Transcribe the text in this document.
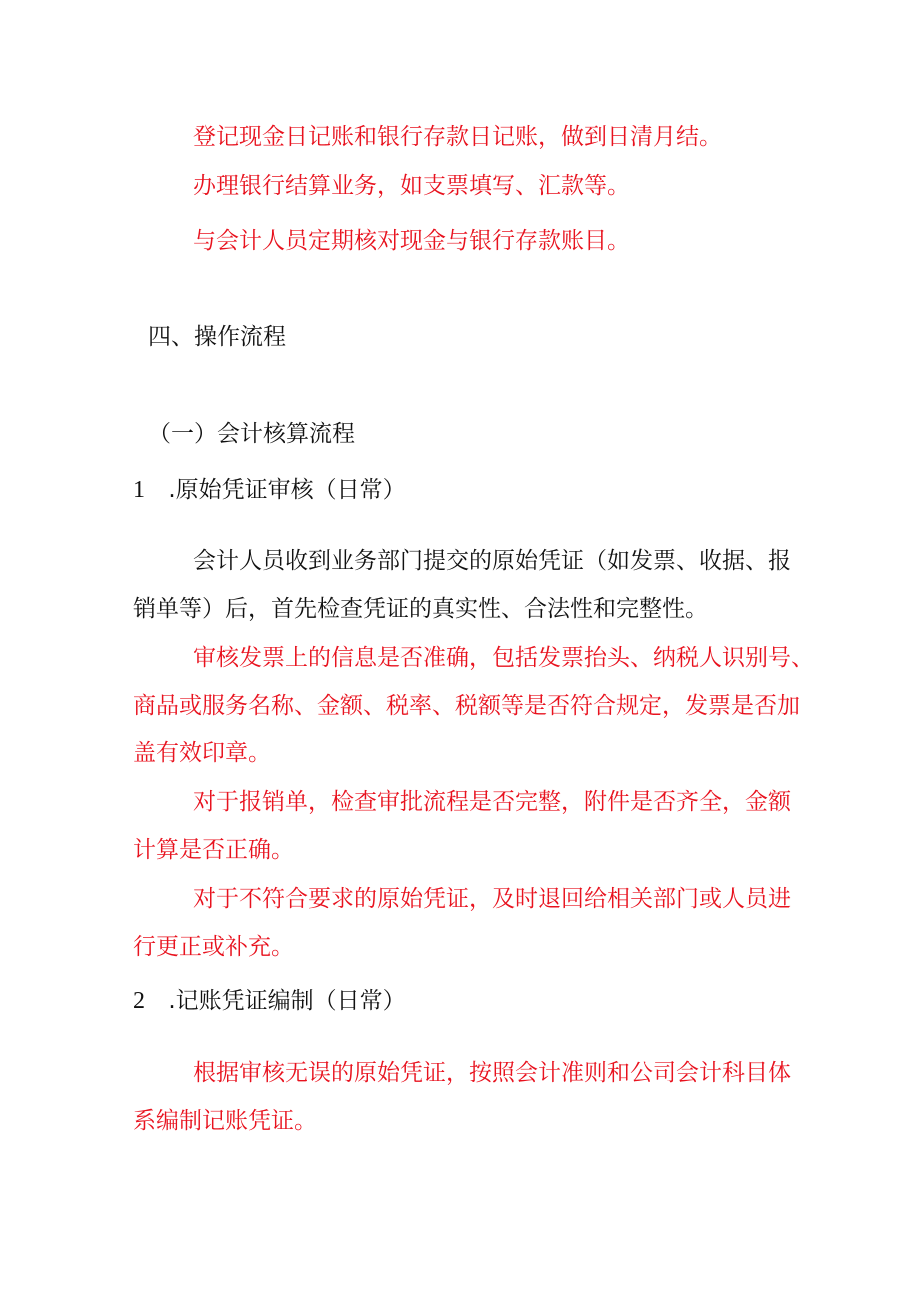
登记现金日记账和银行存款日记账，做到日清月结。

办理银行结算业务，如支票填写、汇款等。

与会计人员定期核对现金与银行存款账目。

四、操作流程

（一）会计核算流程

1 .原始凭证审核（日常）

会计人员收到业务部门提交的原始凭证（如发票、收据、报

销单等）后，首先检查凭证的真实性、合法性和完整性。

审核发票上的信息是否准确，包括发票抬头、纳税人识别号、

商品或服务名称、金额、税率、税额等是否符合规定，发票是否加

盖有效印章。

对于报销单，检查审批流程是否完整，附件是否齐全，金额

计算是否正确。

对于不符合要求的原始凭证，及时退回给相关部门或人员进

行更正或补充。

2 .记账凭证编制（日常）

根据审核无误的原始凭证，按照会计准则和公司会计科目体

系编制记账凭证。
